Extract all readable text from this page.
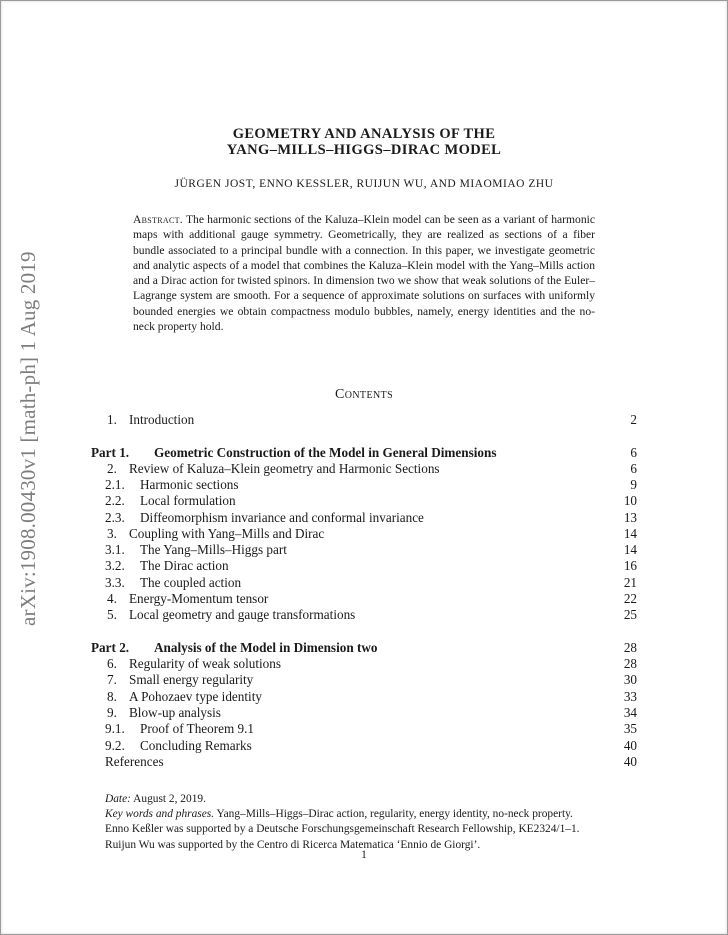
arXiv:1908.00430v1 [math-ph] 1 Aug 2019
GEOMETRY AND ANALYSIS OF THE
YANG–MILLS–HIGGS–DIRAC MODEL
JÜRGEN JOST, ENNO KESSLER, RUIJUN WU, AND MIAOMIAO ZHU
Abstract. The harmonic sections of the Kaluza–Klein model can be seen as a variant of harmonic maps with additional gauge symmetry. Geometrically, they are realized as sections of a fiber bundle associated to a principal bundle with a connection. In this paper, we investigate geometric and analytic aspects of a model that combines the Kaluza–Klein model with the Yang–Mills action and a Dirac action for twisted spinors. In dimension two we show that weak solutions of the Euler–Lagrange system are smooth. For a sequence of approximate solutions on surfaces with uniformly bounded energies we obtain compactness modulo bubbles, namely, energy identities and the no-neck property hold.
Contents
1. Introduction	2
Part 1. Geometric Construction of the Model in General Dimensions	6
2. Review of Kaluza–Klein geometry and Harmonic Sections	6
2.1. Harmonic sections	9
2.2. Local formulation	10
2.3. Diffeomorphism invariance and conformal invariance	13
3. Coupling with Yang–Mills and Dirac	14
3.1. The Yang–Mills–Higgs part	14
3.2. The Dirac action	16
3.3. The coupled action	21
4. Energy-Momentum tensor	22
5. Local geometry and gauge transformations	25
Part 2. Analysis of the Model in Dimension two	28
6. Regularity of weak solutions	28
7. Small energy regularity	30
8. A Pohozaev type identity	33
9. Blow-up analysis	34
9.1. Proof of Theorem 9.1	35
9.2. Concluding Remarks	40
References	40

Date: August 2, 2019.

Key words and phrases. Yang–Mills–Higgs–Dirac action, regularity, energy identity, no-neck property.

Enno Keßler was supported by a Deutsche Forschungsgemeinschaft Research Fellowship, KE2324/1–1.

Ruijun Wu was supported by the Centro di Ricerca Matematica ‘Ennio de Giorgi’.

1
